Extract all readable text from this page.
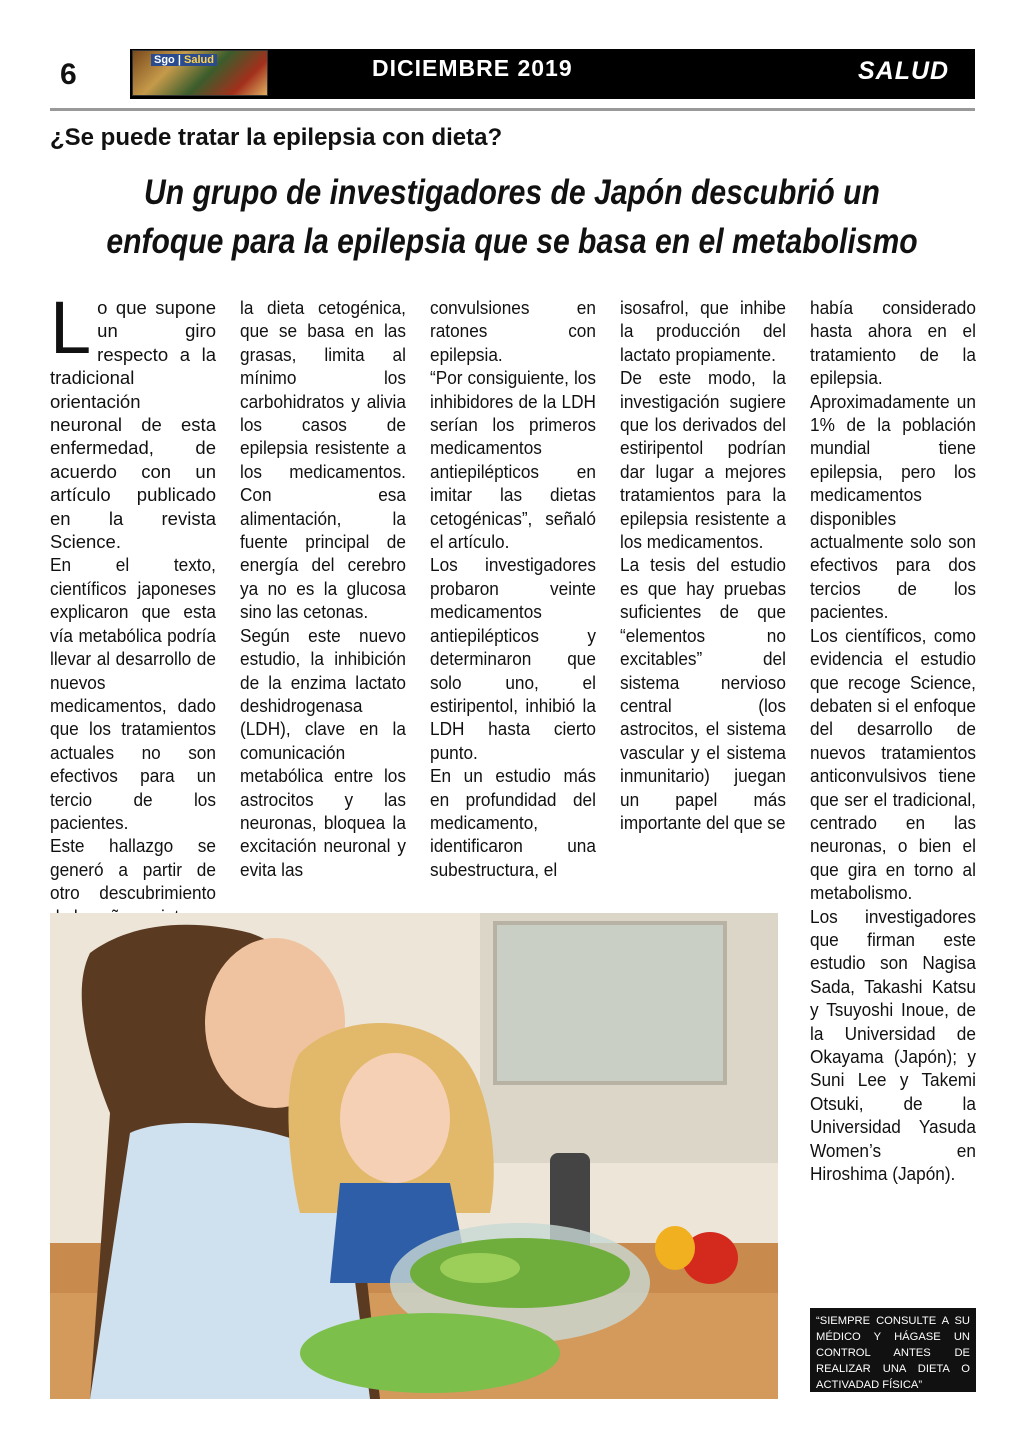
6	Sgo | Salud	DICIEMBRE 2019	SALUD
¿Se puede tratar la epilepsia con dieta?
Un grupo de investigadores de Japón descubrió un
enfoque para la epilepsia que se basa en el metabolismo
L o que supone un giro respecto a la tradicional orientación neuronal de esta enfermedad, de acuerdo con un artículo publicado en la revista Science.

En el texto, científicos japoneses explicaron que esta vía metabólica podría llevar al desarrollo de nuevos medicamentos, dado que los tratamientos actuales no son efectivos para un tercio de los pacientes.

Este hallazgo se generó a partir de otro descubrimiento

la dieta cetogénica, que se basa en las grasas, limita al mínimo los carbohidratos y alivia los casos de epilepsia resistente a los medicamentos. Con esa alimentación, la fuente principal de energía del cerebro ya no es la glucosa sino las cetonas.

Según este nuevo estudio, la inhibición de la enzima lactato deshidrogenasa (LDH), clave en la comunicación metabólica entre los astrocitos y las neuronas, bloquea la excitación neuronal y evita las

convulsiones en ratones con epilepsia.

“Por consiguiente, los inhibidores de la LDH serían los primeros medicamentos antiepilépticos en imitar las dietas cetogénicas”, señaló el artículo.

Los investigadores probaron veinte medicamentos antiepilépticos y determinaron que solo uno, el estiripentol, inhibió la LDH hasta cierto punto.

En un estudio más en profundidad del medicamento, identificaron una subestructura, el

isosafrol, que inhibe la producción del lactato propiamente.

De este modo, la investigación sugiere que los derivados del estiripentol podrían dar lugar a mejores tratamientos para la epilepsia resistente a los medicamentos.

La tesis del estudio es que hay pruebas suficientes de que “elementos no excitables” del sistema nervioso central (los astrocitos, el sistema vascular y el sistema inmunitario) juegan un papel más importante del que se

había considerado hasta ahora en el tratamiento de la epilepsia.

Aproximadamente un 1% de la población mundial tiene epilepsia, pero los medicamentos disponibles actualmente solo son efectivos para dos tercios de los pacientes.

Los científicos, como evidencia el estudio que recoge Science, debaten si el enfoque del desarrollo de nuevos tratamientos anticonvulsivos tiene que ser el tradicional, centrado en las neuronas, o bien el que gira en torno al metabolismo.

Los investigadores que firman este estudio son Nagisa Sada, Takashi Katsu y Tsuyoshi Inoue, de la Universidad de Okayama (Japón); y Suni Lee y Takemi Otsuki, de la Universidad Yasuda Women’s en Hiroshima (Japón).

“SIEMPRE CONSULTE A SU MÉDICO Y HÁGASE UN CONTROL ANTES DE REALIZAR UNA DIETA O ACTIVADAD FÍSICA”
